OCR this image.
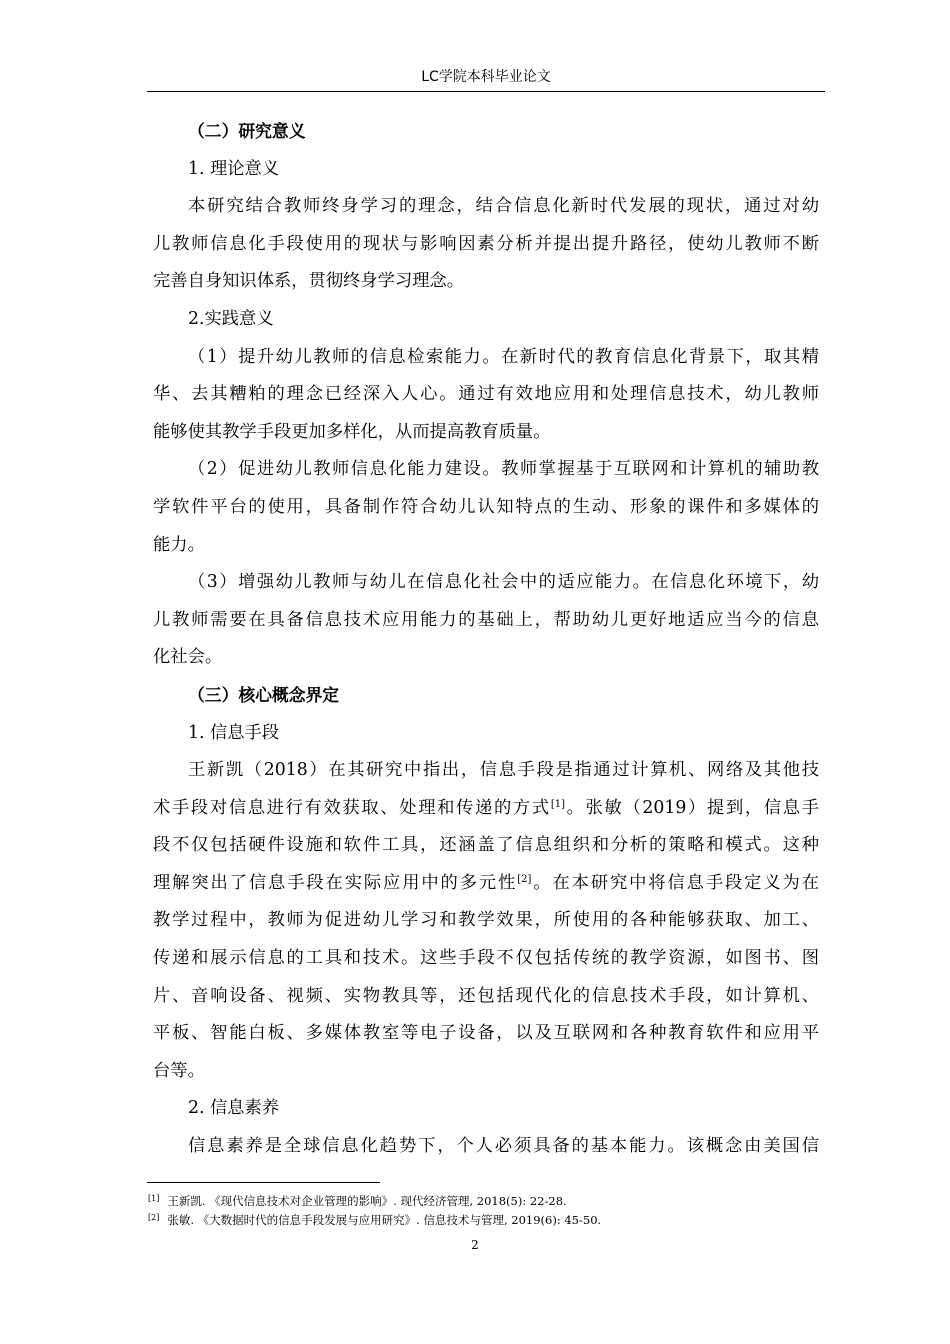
LC学院本科毕业论文
（二）研究意义
1. 理论意义
本研究结合教师终身学习的理念，结合信息化新时代发展的现状，通过对幼
儿教师信息化手段使用的现状与影响因素分析并提出提升路径，使幼儿教师不断
完善自身知识体系，贯彻终身学习理念。
2.实践意义
（1）提升幼儿教师的信息检索能力。在新时代的教育信息化背景下，取其精
华、去其糟粕的理念已经深入人心。通过有效地应用和处理信息技术，幼儿教师
能够使其教学手段更加多样化，从而提高教育质量。
（2）促进幼儿教师信息化能力建设。教师掌握基于互联网和计算机的辅助教
学软件平台的使用，具备制作符合幼儿认知特点的生动、形象的课件和多媒体的
能力。
（3）增强幼儿教师与幼儿在信息化社会中的适应能力。在信息化环境下，幼
儿教师需要在具备信息技术应用能力的基础上，帮助幼儿更好地适应当今的信息
化社会。
（三）核心概念界定
1. 信息手段
王新凯（2018）在其研究中指出，信息手段是指通过计算机、网络及其他技
术手段对信息进行有效获取、处理和传递的方式[1]。张敏（2019）提到，信息手
段不仅包括硬件设施和软件工具，还涵盖了信息组织和分析的策略和模式。这种
理解突出了信息手段在实际应用中的多元性[2]。在本研究中将信息手段定义为在
教学过程中，教师为促进幼儿学习和教学效果，所使用的各种能够获取、加工、
传递和展示信息的工具和技术。这些手段不仅包括传统的教学资源，如图书、图
片、音响设备、视频、实物教具等，还包括现代化的信息技术手段，如计算机、
平板、智能白板、多媒体教室等电子设备，以及互联网和各种教育软件和应用平
台等。
2. 信息素养
信息素养是全球信息化趋势下，个人必须具备的基本能力。该概念由美国信
[1] 王新凯. 《现代信息技术对企业管理的影响》. 现代经济管理, 2018(5): 22-28.
[2] 张敏. 《大数据时代的信息手段发展与应用研究》. 信息技术与管理, 2019(6): 45-50.
2
